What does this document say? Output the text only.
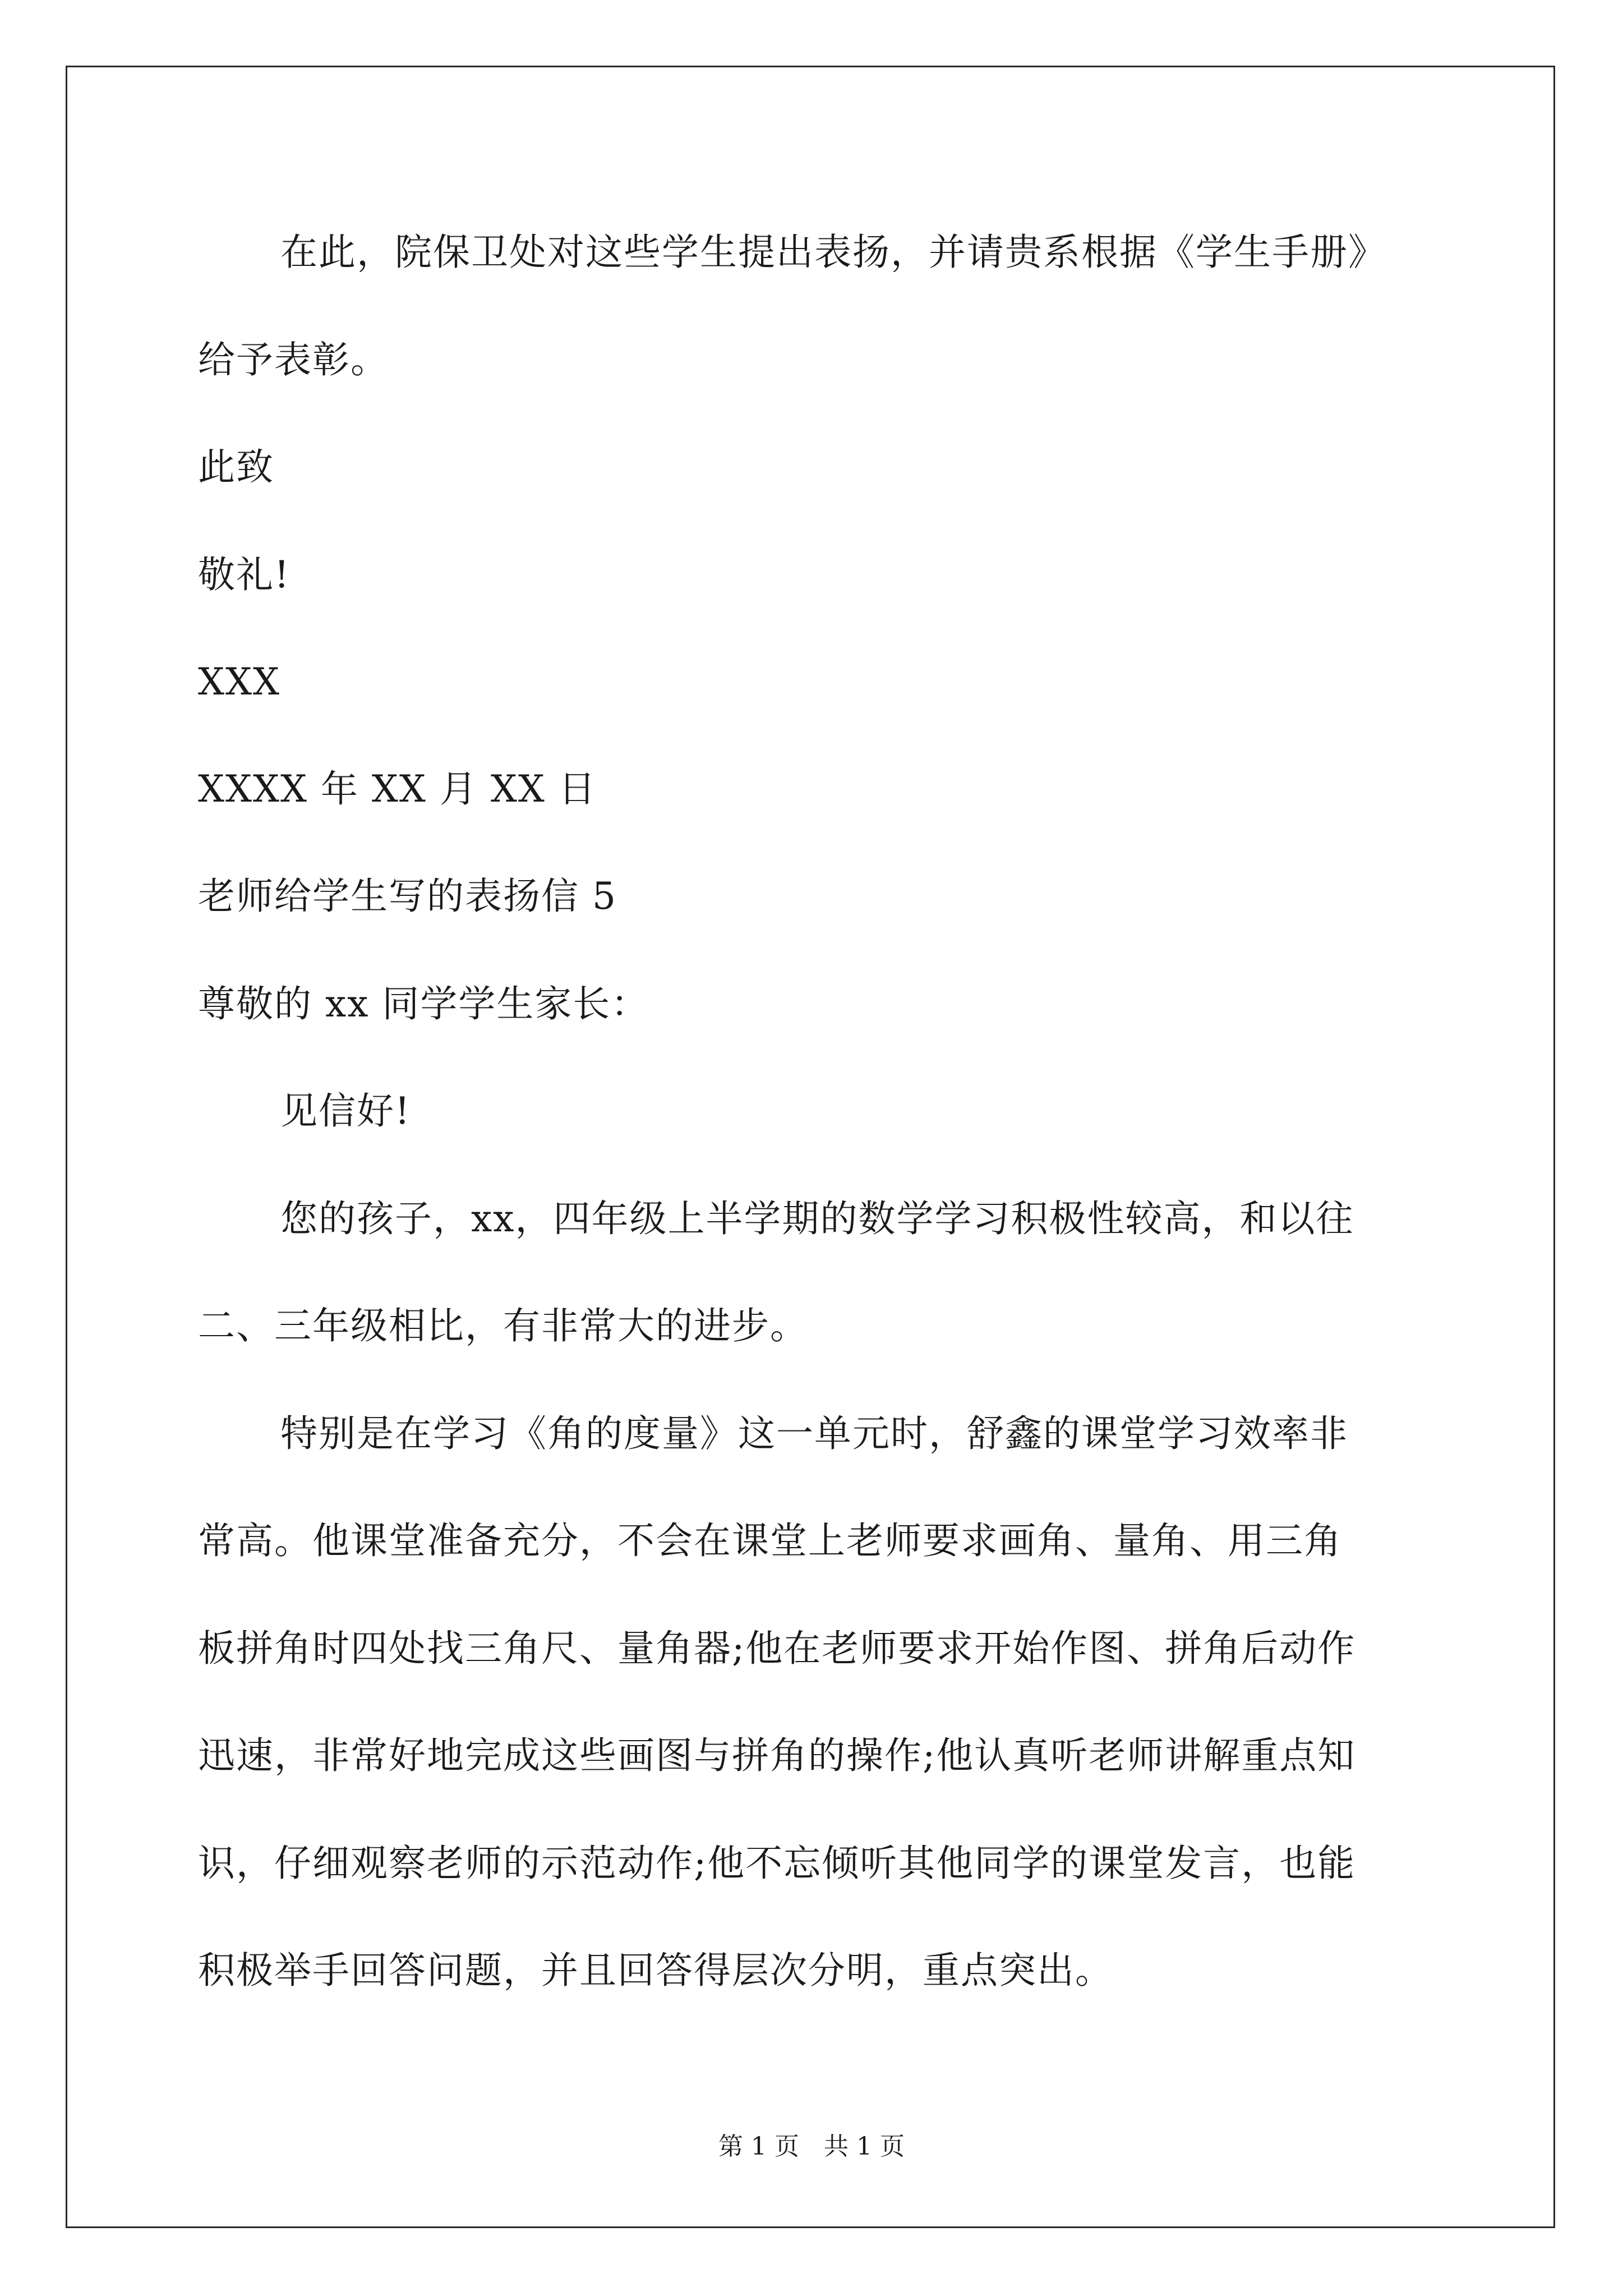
在此，院保卫处对这些学生提出表扬，并请贵系根据《学生手册》
给予表彰。
此致
敬礼!
XXX
XXXX 年 XX 月 XX 日
老师给学生写的表扬信 5
尊敬的 xx 同学学生家长：
见信好!
您的孩子，xx，四年级上半学期的数学学习积极性较高，和以往
二、三年级相比，有非常大的进步。
特别是在学习《角的度量》这一单元时，舒鑫的课堂学习效率非
常高。他课堂准备充分，不会在课堂上老师要求画角、量角、用三角
板拼角时四处找三角尺、量角器;他在老师要求开始作图、拼角后动作
迅速，非常好地完成这些画图与拼角的操作;他认真听老师讲解重点知
识，仔细观察老师的示范动作;他不忘倾听其他同学的课堂发言，也能
积极举手回答问题，并且回答得层次分明，重点突出。
第 1 页　共 1 页
